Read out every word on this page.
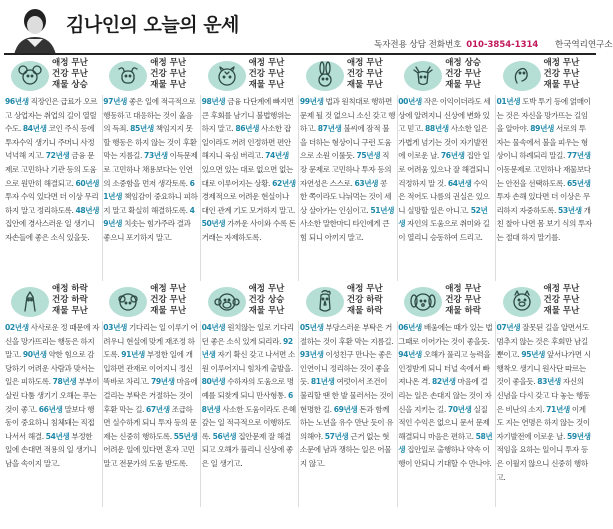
김나인의 오늘의 운세
독자전용 상담 전화번호 010-3854-1314 한국역리연구소
애정 무난
건강 무난
재물 상승
96년생 직장인은 급료가 오르고 상업자는 취업의 길이 열릴 수도. 84년생 코인 주식 등에 투자수익 생기니 주머니 사정 넉넉해 지고. 72년생 금융 문제로 고민하나 기관 등의 도움으로 원만히 해결되고. 60년생 투자 수익 있다면 더 이상 무리하지 말고 정리하도록. 48년생 집안에 경사스러운 일 생기니 자손들에 좋은 소식 있을듯.
애정 무난
건강 무난
재물 무난
97년생 좋은 일에 적극적으로 행동하고 대응하는 것이 옳음의 득죄. 85년생 책임지지 못할 행동은 하지 않는 것이 후환 막는 지름길. 73년생 이득문제로 고민하나 채용보다는 인연의 소중함을 먼저 생각토록. 61년생 책임감이 중요하니 피하지 말고 확실히 해결하도록. 49년생 치솟는 힘가주라 결과 좋으니 포기하지 말고.
애정 무난
건강 무난
재물 무난
98년생 금융 다단계에 빠지면 큰 후회를 남기니 불법행위는 하지 말고. 86년생 사소한 잡일이라도 꺼려 인정하면 편안해지니 육심 버리고. 74년생 있으면 있는 대로 없으면 없는 대로 이루어지는 상황. 62년생 경제적으로 어려운 현실이나 대인 관계 기도 모거하지 말고. 50년생 가까운 사이와 수록 돈 거래는 자제하도록.
애정 무난
건강 무난
재물 무난
99년생 법과 원칙대로 행하면 문제 될 것 없으니 소신 갖고 행하고. 87년생 불씨에 잠적 불을 더하는 형상이니 구런 도움으로 소원 이룰듯. 75년생 직장 문제로 고민하나 투자 등의 자연성은 스스로. 63년생 콩 한 쪽이라도 나눠먹는 것이 세상 살아가는 인심이고. 51년생 사소한 말한마디 타인에게 큰 힘 되니 아끼지 말고.
애정 상승
건강 무난
재물 무난
00년생 작은 이익이더라도 세상에 알려지니 신상에 변화 있고 믿고. 88년생 사소한 일은 가볍게 넘기는 것이 자기발전에 이로운 날. 76년생 집안 일로 어려움 있으나 잘 해결되니 걱정하지 말 것. 64년생 수익은 적어도 나름의 권실은 있으니 실망할 일은 아니고. 52년생 자인의 도움으로 취미와 길이 열리니 승동하여 드리고.
애정 무난
건강 무난
재물 무난
01년생 도박 투기 등에 얽매이는 것은 자신을 망가뜨는 길임을 알아야. 89년생 서로의 투자는 물속에서 불을 피우는 형상이니 하례되리 말길. 77년생 이동문제로 고민하나 재물보다는 안전을 선택하도록. 65년생 투자 손해 있다면 더 이상은 무리하지 자중하도록. 53년생 개친 찰아 나면 몸 보기 식의 투자는 절대 하지 말기를.
애정 하락
건강 하락
재물 무난
02년생 사사로운 정 때문에 자신을 망가뜨리는 행동은 하지 말고. 90년생 약한 힘으로 감당하기 어려운 사람과 맞서는 일은 피하도록. 78년생 부부이 살린 다툼 생기기 오해는 푸는 것이 좋고. 66년생 말보다 행동이 중요하니 침체돼는 직접 나서서 해결. 54년생 부정한 일에 손대면 적용의 일 생기니 남을 속이지 말고.
애정 무난
건강 무난
재물 무난
03년생 기다리는 일 이루기 어려우니 현실에 맞게 재조정 하도록. 91년생 부정한 일에 개입하면 관재로 이어지니 정신 똑바로 차리고. 79년생 마음에 걸리는 부탁은 거절하는 것이 후환 막는 길. 67년생 조급하면 실수하게 되니 투자 등의 문제는 신중히 행하도록. 55년생 어려운 일에 있다면 혼자 고민 말고 전문가의 도움 받도록.
애정 무난
건강 상승
재물 무난
04년생 원치않는 일로 기다리던 좋은 소식 있게 되리라. 92년생 자기 확신 갖고 나서면 소원 이루어지니 힘차게 출발을. 80년생 수하자의 도움으로 명예를 되찾게 되니 만사형통. 68년생 사소한 도움이라도 은혜 갚는 일 적극적으로 이행하도록. 56년생 집안문제 잘 해결되고 오해가 풀리니 신상에 좋은 일 생기고.
애정 무난
건강 하락
재물 하락
05년생 부당스러운 부탁은 거절하는 것이 후환 막는 지름길. 93년생 이성친구 만나는 좋은 인연이니 정리하는 것이 좋을듯. 81년생 여럿이서 조건이 불리할 땐 한 발 물러서는 것이 현명한 길. 69년생 돈과 함께하는 노년을 유수 만난 듯이 유의해야. 57년생 근거 없는 혓소문에 남과 쟁하는 일은 어물지 않고.
애정 무난
건강 무난
재물 하락
06년생 배움에는 때가 있는 법 그때로 이어가는 것이 좋을듯. 94년생 오해가 풀리고 능력을 인정받게 되니 터널 속에서 빠져나온 격. 82년생 마음에 걸리는 일은 손대지 않는 것이 자신을 지키는 길. 70년생 실질적인 수익은 없으니 문서 문제 해결되니 마음은 편하고. 58년생 집안일로 출행하나 약속 이행이 안되니 기대할 수 만나야.
애정 무난
건강 무난
재물 무난
07년생 잘못된 길을 알면서도 멈추지 않는 것은 후회만 남길 뿐이고. 95년생 앞서나가면 시행착오 생기니 원사단 따르는 것이 좋을듯. 83년생 자신의 신념을 다시 갖고 다 놓는 행동은 비난의 소지. 71년생 이계도 지는 연명은 하지 않는 것이 자기발전에 이로운 날. 59년생 적임을 요하는 일이니 투자 등은 이월지 않으니 신중히 행하고.
